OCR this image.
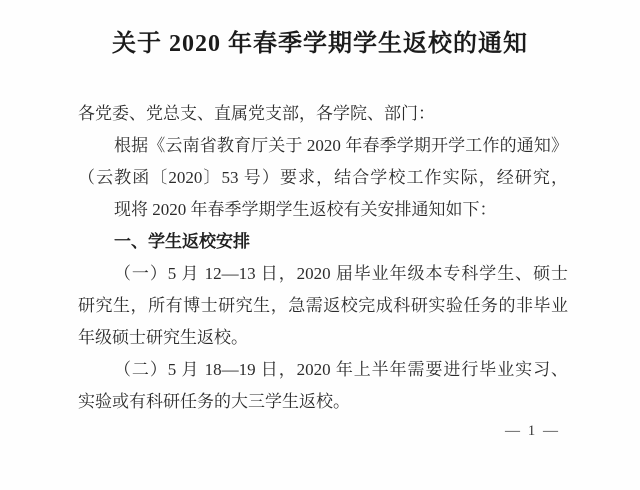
关于 2020 年春季学期学生返校的通知
各党委、党总支、直属党支部，各学院、部门：
根据《云南省教育厅关于 2020 年春季学期开学工作的通知》
（云教函〔2020〕53 号）要求，结合学校工作实际，经研究，
现将 2020 年春季学期学生返校有关安排通知如下：
一、学生返校安排
（一）5 月 12—13 日，2020 届毕业年级本专科学生、硕士
研究生，所有博士研究生，急需返校完成科研实验任务的非毕业
年级硕士研究生返校。
（二）5 月 18—19 日，2020 年上半年需要进行毕业实习、
实验或有科研任务的大三学生返校。
— 1 —
